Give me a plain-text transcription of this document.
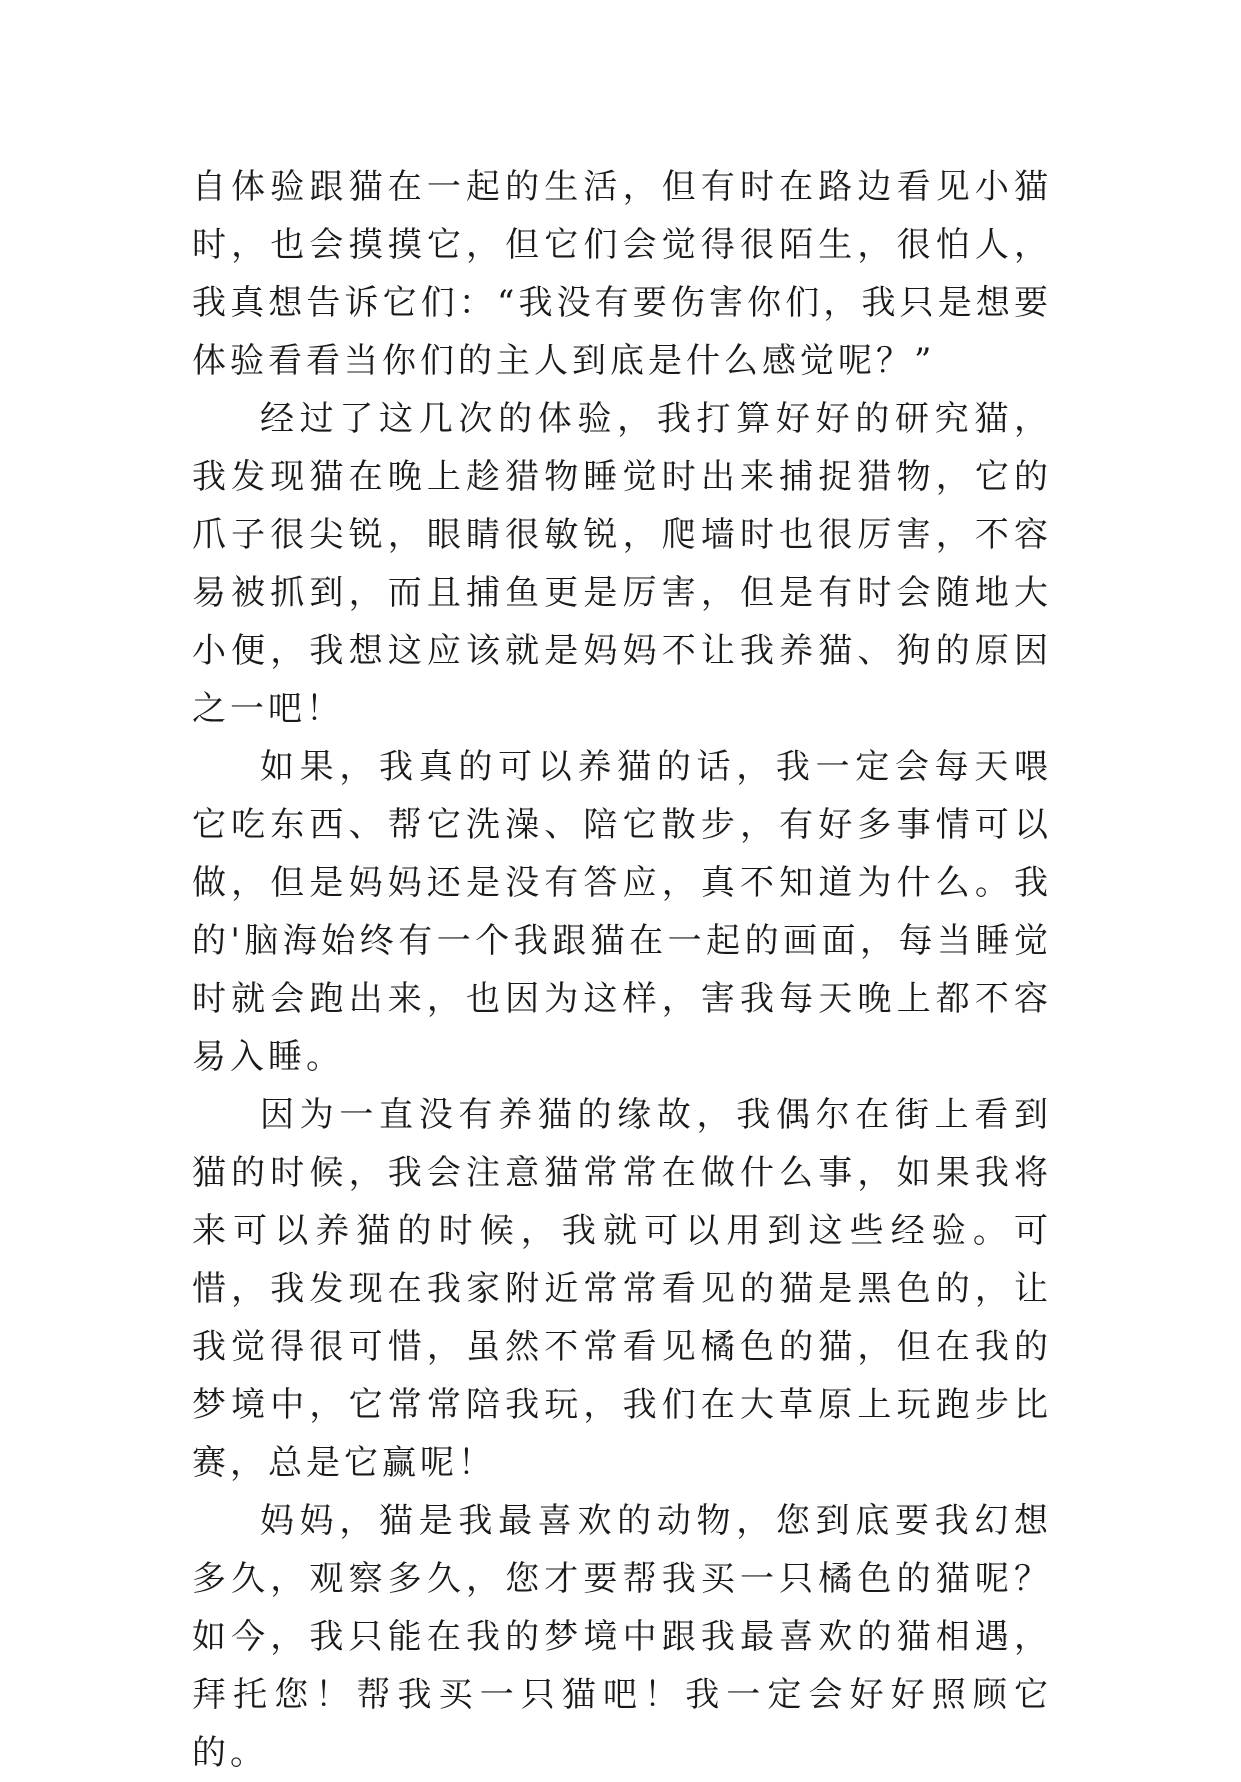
自体验跟猫在一起的生活，但有时在路边看见小猫时，也会摸摸它，但它们会觉得很陌生，很怕人，我真想告诉它们：“我没有要伤害你们，我只是想要体验看看当你们的主人到底是什么感觉呢？”

经过了这几次的体验，我打算好好的研究猫，我发现猫在晚上趁猎物睡觉时出来捕捉猎物，它的爪子很尖锐，眼睛很敏锐，爬墙时也很厉害，不容易被抓到，而且捕鱼更是厉害，但是有时会随地大小便，我想这应该就是妈妈不让我养猫、狗的原因之一吧！

如果，我真的可以养猫的话，我一定会每天喂它吃东西、帮它洗澡、陪它散步，有好多事情可以做，但是妈妈还是没有答应，真不知道为什么。我的'脑海始终有一个我跟猫在一起的画面，每当睡觉时就会跑出来，也因为这样，害我每天晚上都不容易入睡。

因为一直没有养猫的缘故，我偶尔在街上看到猫的时候，我会注意猫常常在做什么事，如果我将来可以养猫的时候，我就可以用到这些经验。可惜，我发现在我家附近常常看见的猫是黑色的，让我觉得很可惜，虽然不常看见橘色的猫，但在我的梦境中，它常常陪我玩，我们在大草原上玩跑步比赛，总是它赢呢！

妈妈，猫是我最喜欢的动物，您到底要我幻想多久，观察多久，您才要帮我买一只橘色的猫呢？如今，我只能在我的梦境中跟我最喜欢的猫相遇，拜托您！帮我买一只猫吧！我一定会好好照顾它的。
